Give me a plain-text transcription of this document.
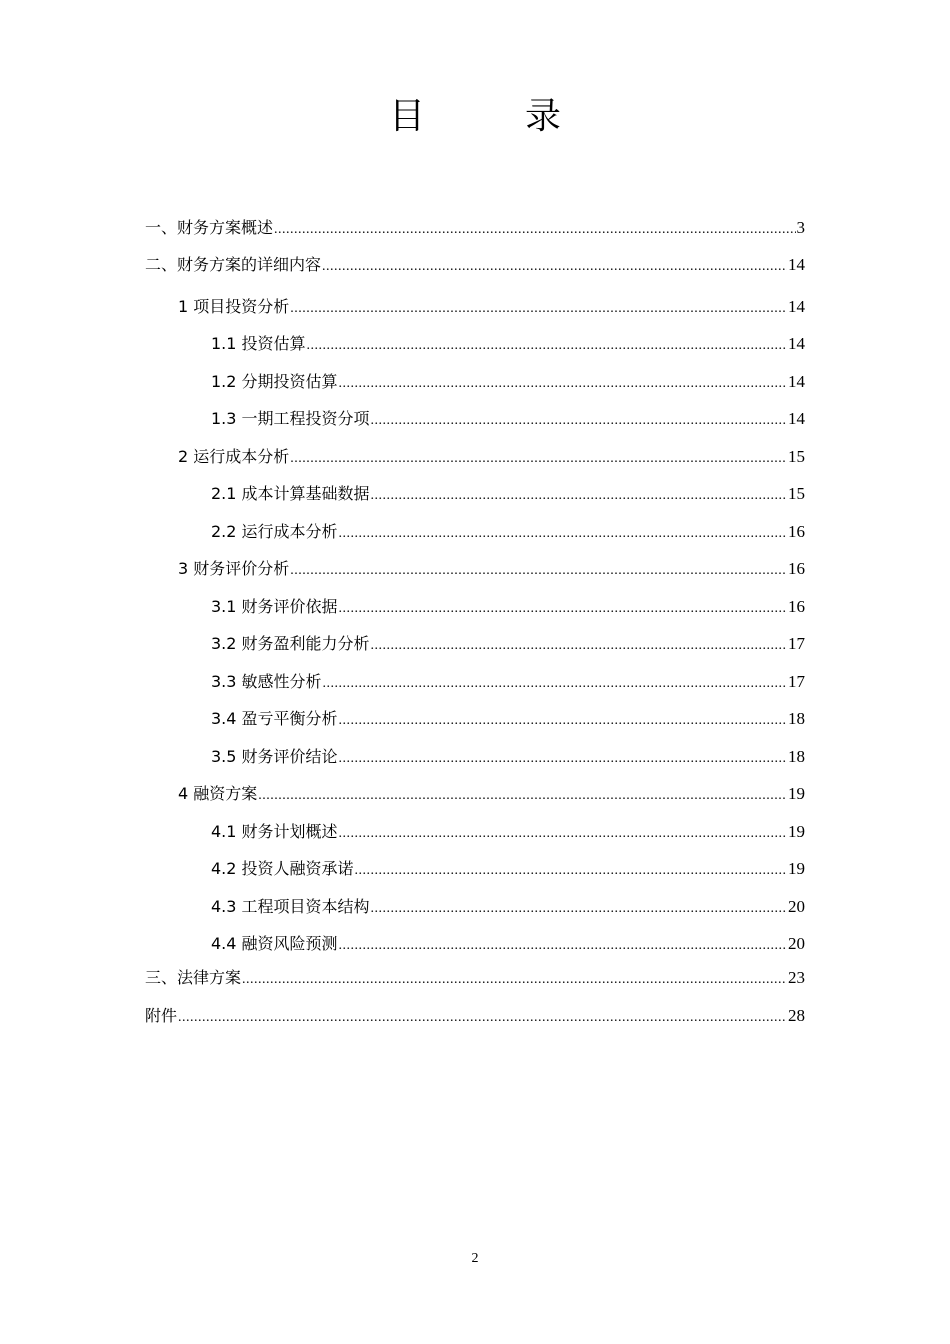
目　录
一、财务方案概述 .....	3
二、财务方案的详细内容 .....	14
1 项目投资分析 .....	14
1.1 投资估算 .....	14
1.2 分期投资估算 .....	14
1.3 一期工程投资分项 .....	14
2 运行成本分析 .....	15
2.1 成本计算基础数据 .....	15
2.2 运行成本分析 .....	16
3 财务评价分析 .....	16
3.1 财务评价依据 .....	16
3.2 财务盈利能力分析 .....	17
3.3 敏感性分析 .....	17
3.4 盈亏平衡分析 .....	18
3.5 财务评价结论 .....	18
4 融资方案 .....	19
4.1 财务计划概述 .....	19
4.2 投资人融资承诺 .....	19
4.3 工程项目资本结构 .....	20
4.4 融资风险预测 .....	20
三、法律方案 .....	23
附件 .....	28
2
